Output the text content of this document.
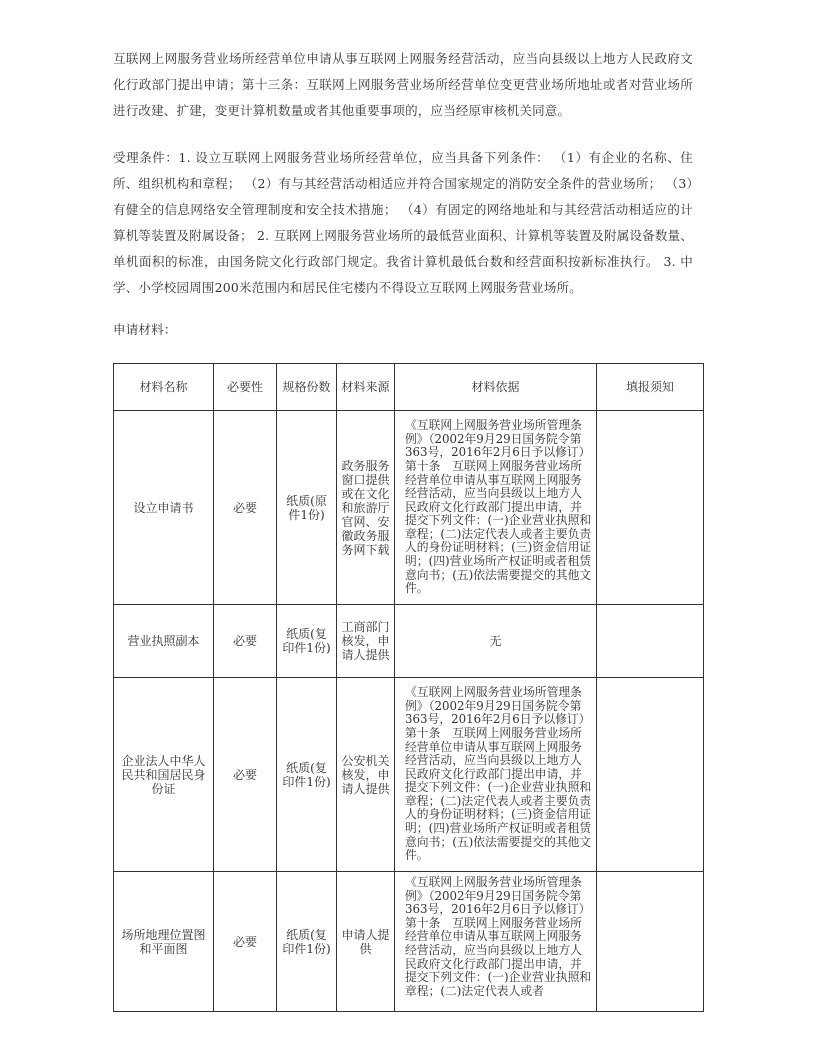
互联网上网服务营业场所经营单位申请从事互联网上网服务经营活动，应当向县级以上地方人民政府文化行政部门提出申请；第十三条：互联网上网服务营业场所经营单位变更营业场所地址或者对营业场所进行改建、扩建，变更计算机数量或者其他重要事项的，应当经原审核机关同意。

受理条件：1. 设立互联网上网服务营业场所经营单位，应当具备下列条件： （1）有企业的名称、住所、组织机构和章程； （2）有与其经营活动相适应并符合国家规定的消防安全条件的营业场所； （3）有健全的信息网络安全管理制度和安全技术措施； （4）有固定的网络地址和与其经营活动相适应的计算机等装置及附属设备； 2. 互联网上网服务营业场所的最低营业面积、计算机等装置及附属设备数量、单机面积的标准，由国务院文化行政部门规定。我省计算机最低台数和经营面积按新标准执行。 3. 中学、小学校园周围200米范围内和居民住宅楼内不得设立互联网上网服务营业场所。

申请材料：

材料名称	必要性	规格份数	材料来源	材料依据	填报须知
设立申请书	必要	纸质(原件1份)	政务服务窗口提供或在文化和旅游厅官网、安徽政务服务网下载	《互联网上网服务营业场所管理条例》（2002年9月29日国务院令第363号，2016年2月6日予以修订） 第十条　互联网上网服务营业场所经营单位申请从事互联网上网服务经营活动，应当向县级以上地方人民政府文化行政部门提出申请，并提交下列文件：(一)企业营业执照和章程；(二)法定代表人或者主要负责人的身份证明材料；(三)资金信用证明；(四)营业场所产权证明或者租赁意向书；(五)依法需要提交的其他文件。	
营业执照副本	必要	纸质(复印件1份)	工商部门核发，申请人提供	无	
企业法人中华人民共和国居民身份证	必要	纸质(复印件1份)	公安机关核发，申请人提供	《互联网上网服务营业场所管理条例》（2002年9月29日国务院令第363号，2016年2月6日予以修订） 第十条　互联网上网服务营业场所经营单位申请从事互联网上网服务经营活动，应当向县级以上地方人民政府文化行政部门提出申请，并提交下列文件：(一)企业营业执照和章程；(二)法定代表人或者主要负责人的身份证明材料；(三)资金信用证明；(四)营业场所产权证明或者租赁意向书；(五)依法需要提交的其他文件。	
场所地理位置图和平面图	必要	纸质(复印件1份)	申请人提供	《互联网上网服务营业场所管理条例》（2002年9月29日国务院令第363号，2016年2月6日予以修订） 第十条　互联网上网服务营业场所经营单位申请从事互联网上网服务经营活动，应当向县级以上地方人民政府文化行政部门提出申请，并提交下列文件：(一)企业营业执照和章程；(二)法定代表人或者	
